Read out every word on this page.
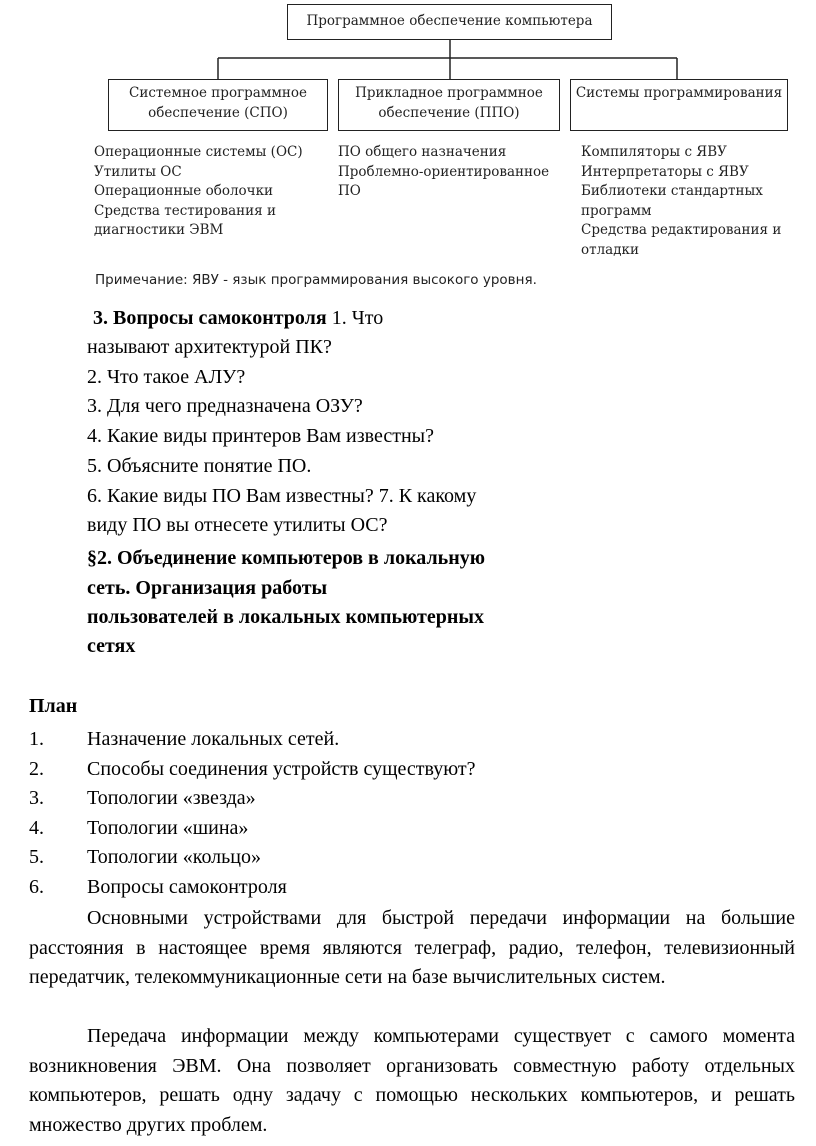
Программное обеспечение компьютера
Системное программное
обеспечение (СПО)
Прикладное программное
обеспечение (ППО)
Системы программирования
Операционные системы (ОС)
Утилиты ОС
Операционные оболочки
Средства тестирования и
диагностики ЭВМ
ПО общего назначения
Проблемно-ориентированное
ПО
Компиляторы с ЯВУ
Интерпретаторы с ЯВУ
Библиотеки стандартных
программ
Средства редактирования и
отладки
Примечание: ЯВУ - язык программирования высокого уровня.
3. Вопросы самоконтроля 1. Что
называют архитектурой ПК?
2. Что такое АЛУ?
3. Для чего предназначена ОЗУ?
4. Какие виды принтеров Вам известны?
5. Объясните понятие ПО.
6. Какие виды ПО Вам известны? 7. К какому
виду ПО вы отнесете утилиты ОС?
§2. Объединение компьютеров в локальную
сеть. Организация работы
пользователей в локальных компьютерных
сетях
План
1. Назначение локальных сетей.
2. Способы соединения устройств существуют?
3. Топологии «звезда»
4. Топологии «шина»
5. Топологии «кольцо»
6. Вопросы самоконтроля

Основными устройствами для быстрой передачи информации на большие расстояния в настоящее время являются телеграф, радио, телефон, телевизионный передатчик, телекоммуникационные сети на базе вычислительных систем.

Передача информации между компьютерами существует с самого момента возникновения ЭВМ. Она позволяет организовать совместную работу отдельных компьютеров, решать одну задачу с помощью нескольких компьютеров, и решать множество других проблем.
